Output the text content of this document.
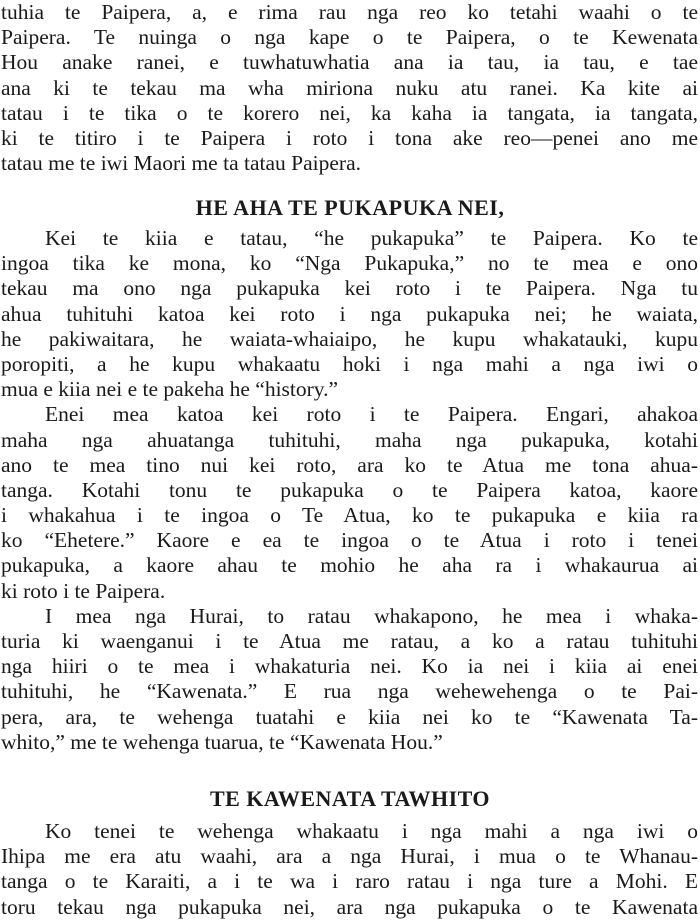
tuhia te Paipera, a, e rima rau nga reo ko tetahi waahi o te
Paipera. Te nuinga o nga kape o te Paipera, o te Kewenata
Hou anake ranei, e tuwhatuwhatia ana ia tau, ia tau, e tae
ana ki te tekau ma wha miriona nuku atu ranei. Ka kite ai
tatau i te tika o te korero nei, ka kaha ia tangata, ia tangata,
ki te titiro i te Paipera i roto i tona ake reo—penei ano me
tatau me te iwi Maori me ta tatau Paipera.
HE AHA TE PUKAPUKA NEI,
Kei te kiia e tatau, “he pukapuka” te Paipera. Ko te
ingoa tika ke mona, ko “Nga Pukapuka,” no te mea e ono
tekau ma ono nga pukapuka kei roto i te Paipera. Nga tu
ahua tuhituhi katoa kei roto i nga pukapuka nei; he waiata,
he pakiwaitara, he waiata-whaiaipo, he kupu whakatauki, kupu
poropiti, a he kupu whakaatu hoki i nga mahi a nga iwi o
mua e kiia nei e te pakeha he “history.”
Enei mea katoa kei roto i te Paipera. Engari, ahakoa
maha nga ahuatanga tuhituhi, maha nga pukapuka, kotahi
ano te mea tino nui kei roto, ara ko te Atua me tona ahua-
tanga. Kotahi tonu te pukapuka o te Paipera katoa, kaore
i whakahua i te ingoa o Te Atua, ko te pukapuka e kiia ra
ko “Ehetere.” Kaore e ea te ingoa o te Atua i roto i tenei
pukapuka, a kaore ahau te mohio he aha ra i whakaurua ai
ki roto i te Paipera.
I mea nga Hurai, to ratau whakapono, he mea i whaka-
turia ki waenganui i te Atua me ratau, a ko a ratau tuhituhi
nga hiiri o te mea i whakaturia nei. Ko ia nei i kiia ai enei
tuhituhi, he “Kawenata.” E rua nga wehewehenga o te Pai-
pera, ara, te wehenga tuatahi e kiia nei ko te “Kawenata Ta-
whito,” me te wehenga tuarua, te “Kawenata Hou.”
TE KAWENATA TAWHITO
Ko tenei te wehenga whakaatu i nga mahi a nga iwi o
Ihipa me era atu waahi, ara a nga Hurai, i mua o te Whanau-
tanga o te Karaiti, a i te wa i raro ratau i nga ture a Mohi. E
toru tekau nga pukapuka nei, ara nga pukapuka o te Kawenata
